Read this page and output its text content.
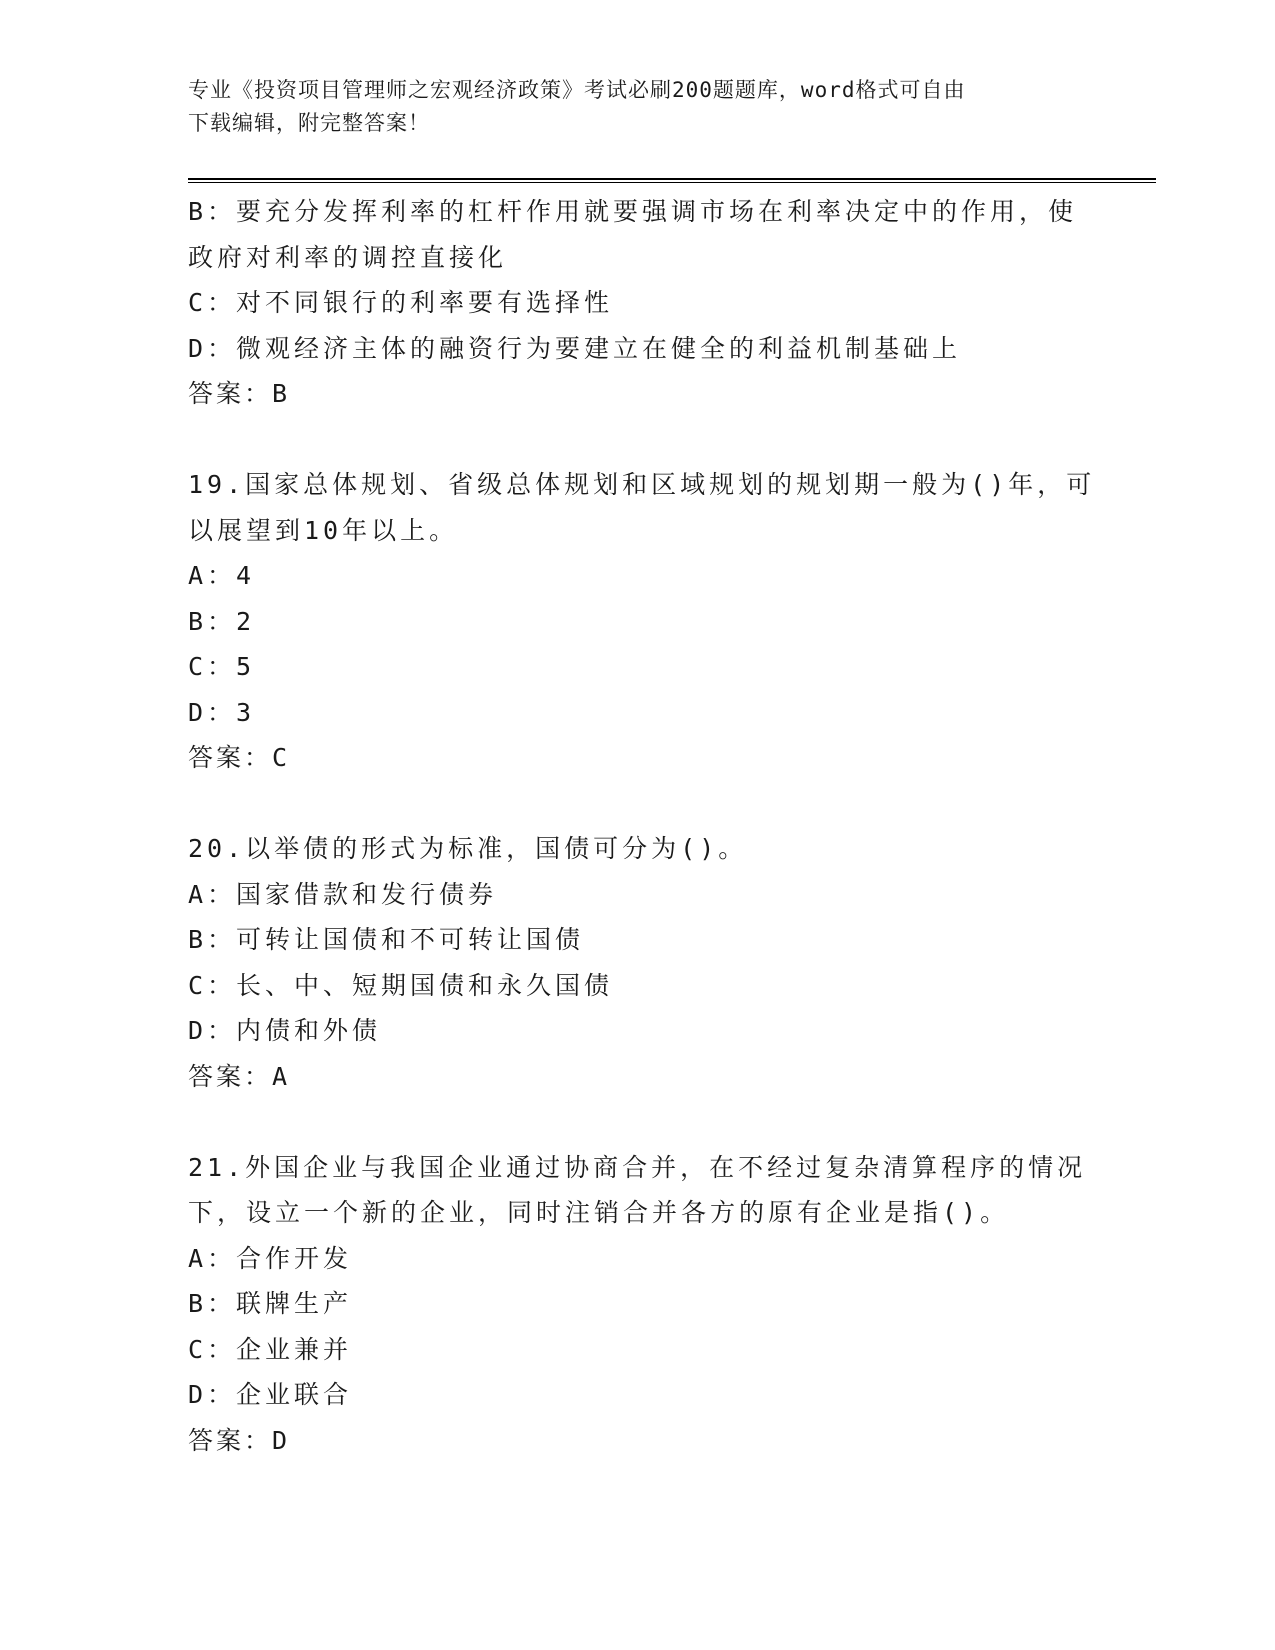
专业《投资项目管理师之宏观经济政策》考试必刷200题题库，word格式可自由
下载编辑，附完整答案！
B：要充分发挥利率的杠杆作用就要强调市场在利率决定中的作用，使
政府对利率的调控直接化
C：对不同银行的利率要有选择性
D：微观经济主体的融资行为要建立在健全的利益机制基础上
答案：B
19.国家总体规划、省级总体规划和区域规划的规划期一般为()年，可
以展望到10年以上。
A：4
B：2
C：5
D：3
答案：C
20.以举债的形式为标准，国债可分为()。
A：国家借款和发行债券
B：可转让国债和不可转让国债
C：长、中、短期国债和永久国债
D：内债和外债
答案：A
21.外国企业与我国企业通过协商合并，在不经过复杂清算程序的情况
下，设立一个新的企业，同时注销合并各方的原有企业是指()。
A：合作开发
B：联牌生产
C：企业兼并
D：企业联合
答案：D
